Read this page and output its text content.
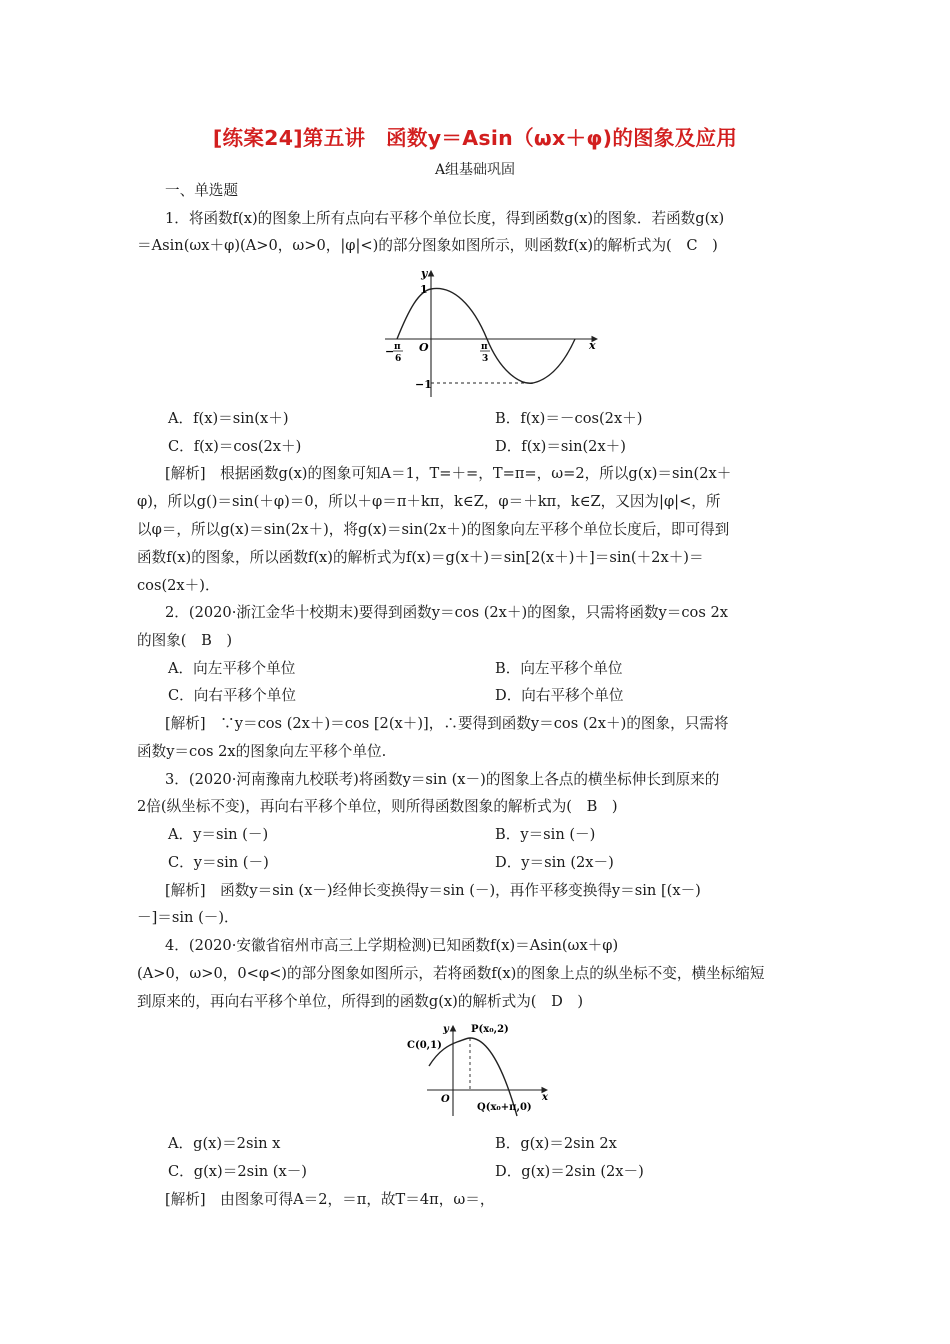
[练案24]第五讲　函数y＝Asin（ωx＋φ)的图象及应用
A组基础巩固
一、单选题
1．将函数f(x)的图象上所有点向右平移个单位长度，得到函数g(x)的图象．若函数g(x)
＝Asin(ωx＋φ)(A>0，ω>0，|φ|<)的部分图象如图所示，则函数f(x)的解析式为(　C　)
y
x
O
1
−1
− π
6
π
3
A．f(x)＝sin(x＋)	B．f(x)＝－cos(2x＋)
C．f(x)＝cos(2x＋)	D．f(x)＝sin(2x＋)
[解析]　根据函数g(x)的图象可知A＝1，T=＋=，T=π=，ω=2，所以g(x)＝sin(2x＋
φ)，所以g()＝sin(＋φ)＝0，所以＋φ＝π＋kπ，k∈Z，φ＝＋kπ，k∈Z，又因为|φ|<，所
以φ＝，所以g(x)＝sin(2x＋)，将g(x)＝sin(2x＋)的图象向左平移个单位长度后，即可得到
函数f(x)的图象，所以函数f(x)的解析式为f(x)＝g(x＋)＝sin[2(x＋)＋]＝sin(＋2x＋)＝
cos(2x＋)．
2．(2020·浙江金华十校期末)要得到函数y＝cos (2x＋)的图象，只需将函数y＝cos 2x
的图象(　B　)
A．向左平移个单位	B．向左平移个单位
C．向右平移个单位	D．向右平移个单位
[解析]　∵y＝cos (2x＋)＝cos [2(x＋)]，∴要得到函数y＝cos (2x＋)的图象，只需将
函数y＝cos 2x的图象向左平移个单位.
3．(2020·河南豫南九校联考)将函数y＝sin (x－)的图象上各点的横坐标伸长到原来的
2倍(纵坐标不变)，再向右平移个单位，则所得函数图象的解析式为(　B　)
A．y＝sin (－)	B．y＝sin (－)
C．y＝sin (－)	D．y＝sin (2x－)
[解析]　函数y＝sin (x－)经伸长变换得y＝sin (－)，再作平移变换得y＝sin [(x－)
－]＝sin (－)．
4．(2020·安徽省宿州市高三上学期检测)已知函数f(x)＝Asin(ωx＋φ)
(A>0，ω>0，0<φ<)的部分图象如图所示，若将函数f(x)的图象上点的纵坐标不变，横坐标缩短
到原来的，再向右平移个单位，所得到的函数g(x)的解析式为(　D　)
y
x
O
C(0,1)
P(x₀,2)
Q(x₀+π,0)
A．g(x)＝2sin x	B．g(x)＝2sin 2x
C．g(x)＝2sin (x－)	D．g(x)＝2sin (2x－)
[解析]　由图象可得A＝2，＝π，故T＝4π，ω＝，
